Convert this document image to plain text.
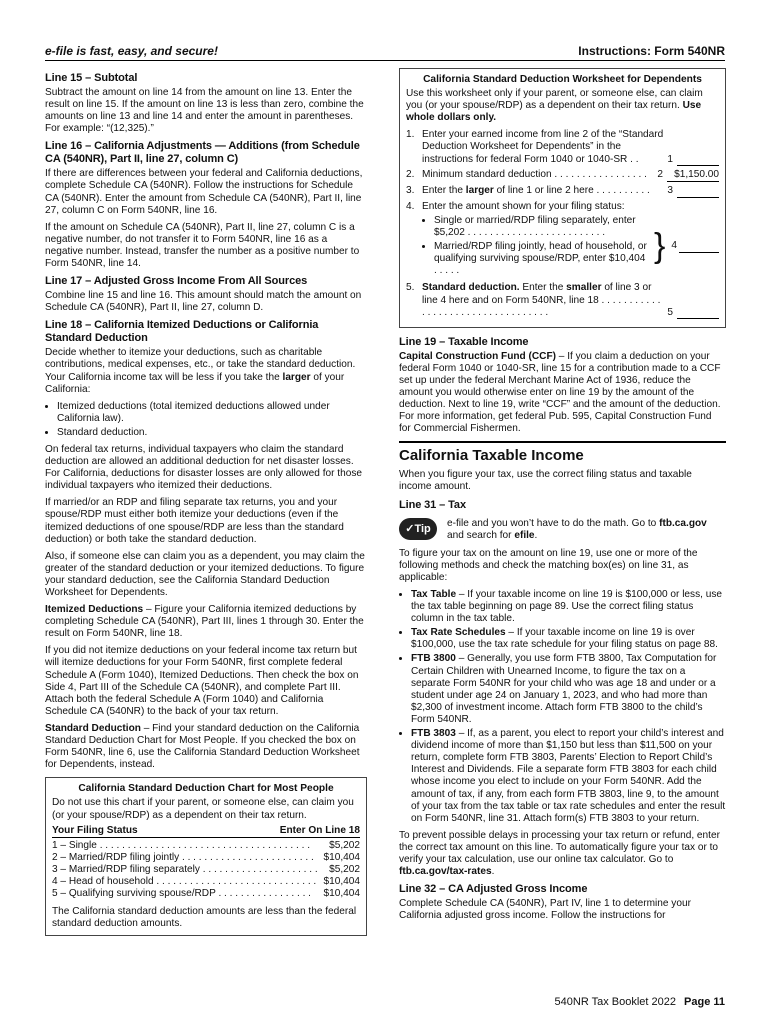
e-file is fast, easy, and secure!	Instructions: Form 540NR
Line 15 – Subtotal

Subtract the amount on line 14 from the amount on line 13. Enter the result on line 15. If the amount on line 13 is less than zero, combine the amounts on line 13 and line 14 and enter the amount in parentheses. For example: “(12,325).”

Line 16 – California Adjustments — Additions (from Schedule CA (540NR), Part II, line 27, column C)

If there are differences between your federal and California deductions, complete Schedule CA (540NR). Follow the instructions for Schedule CA (540NR). Enter the amount from Schedule CA (540NR), Part II, line 27, column C on Form 540NR, line 16.

If the amount on Schedule CA (540NR), Part II, line 27, column C is a negative number, do not transfer it to Form 540NR, line 16 as a negative number. Instead, transfer the number as a positive number to Form 540NR, line 14.

Line 17 – Adjusted Gross Income From All Sources

Combine line 15 and line 16. This amount should match the amount on Schedule CA (540NR), Part II, line 27, column D.

Line 18 – California Itemized Deductions or California Standard Deduction

Decide whether to itemize your deductions, such as charitable contributions, medical expenses, etc., or take the standard deduction. Your California income tax will be less if you take the larger of your California:

• Itemized deductions (total itemized deductions allowed under California law).
• Standard deduction.

On federal tax returns, individual taxpayers who claim the standard deduction are allowed an additional deduction for net disaster losses. For California, deductions for disaster losses are only allowed for those individual taxpayers who itemized their deductions.

If married/or an RDP and filing separate tax returns, you and your spouse/RDP must either both itemize your deductions (even if the itemized deductions of one spouse/RDP are less than the standard deduction) or both take the standard deduction.

Also, if someone else can claim you as a dependent, you may claim the greater of the standard deduction or your itemized deductions. To figure your standard deduction, see the California Standard Deduction Worksheet for Dependents.

Itemized Deductions – Figure your California itemized deductions by completing Schedule CA (540NR), Part III, lines 1 through 30. Enter the result on Form 540NR, line 18.

If you did not itemize deductions on your federal income tax return but will itemize deductions for your Form 540NR, first complete federal Schedule A (Form 1040), Itemized Deductions. Then check the box on Side 4, Part III of the Schedule CA (540NR), and complete Part III. Attach both the federal Schedule A (Form 1040) and California Schedule CA (540NR) to the back of your tax return.

Standard Deduction – Find your standard deduction on the California Standard Deduction Chart for Most People. If you checked the box on Form 540NR, line 6, use the California Standard Deduction Worksheet for Dependents, instead.

California Standard Deduction Chart for Most People
Do not use this chart if your parent, or someone else, can claim you (or your spouse/RDP) as a dependent on their tax return.
Your Filing Status	Enter On Line 18
1 – Single . . . . . . . . . . . . . . . . . . . . . . . . . . . . . . . . . . . . . .	$5,202
2 – Married/RDP filing jointly . . . . . . . . . . . . . . . . . . . . . . . . $10,404
3 – Married/RDP filing separately . . . . . . . . . . . . . . . . . . . . .	$5,202
4 – Head of household . . . . . . . . . . . . . . . . . . . . . . . . . . . . . $10,404
5 – Qualifying surviving spouse/RDP . . . . . . . . . . . . . . . . .	$10,404
The California standard deduction amounts are less than the federal standard deduction amounts.
California Standard Deduction Worksheet for Dependents

Use this worksheet only if your parent, or someone else, can claim you (or your spouse/RDP) as a dependent on their tax return. Use whole dollars only.

1. Enter your earned income from line 2 of the “Standard Deduction Worksheet for Dependents” in the instructions for federal Form 1040 or 1040-SR . .	1

2. Minimum standard deduction . . . . . . . . . . . . . . . . .	2	$1,150.00
3. Enter the larger of line 1 or line 2 here . . . . . . . . . .	3

4. Enter the amount shown for your filing status:
• Single or married/RDP filing separately, enter $5,202 . . . . . . . . . . . . . . . . . . . . . . . . .
• Married/RDP filing jointly, head of household, or qualifying surviving spouse/RDP, enter $10,404 . . . . .
} 4

5. Standard deduction. Enter the smaller of line 3 or line 4 here and on Form 540NR, line 18 . . . . . . . . . . . . . . . . . . . . . . . . . . . . . . . . . .	5

Line 19 – Taxable Income

Capital Construction Fund (CCF) – If you claim a deduction on your federal Form 1040 or 1040-SR, line 15 for a contribution made to a CCF set up under the federal Merchant Marine Act of 1936, reduce the amount you would otherwise enter on line 19 by the amount of the deduction. Next to line 19, write “CCF” and the amount of the deduction. For more information, get federal Pub. 595, Capital Construction Fund for Commercial Fishermen.

California Taxable Income

When you figure your tax, use the correct filing status and taxable income amount.

Line 31 – Tax
✓Tip	e-file and you won’t have to do the math. Go to ftb.ca.gov and search for efile.

To figure your tax on the amount on line 19, use one or more of the following methods and check the matching box(es) on line 31, as applicable:

• Tax Table – If your taxable income on line 19 is $100,000 or less, use the tax table beginning on page 89. Use the correct filing status column in the tax table.
• Tax Rate Schedules – If your taxable income on line 19 is over $100,000, use the tax rate schedule for your filing status on page 88.
• FTB 3800 – Generally, you use form FTB 3800, Tax Computation for Certain Children with Unearned Income, to figure the tax on a separate Form 540NR for your child who was age 18 and under or a student under age 24 on January 1, 2023, and who had more than $2,300 of investment income. Attach form FTB 3800 to the child’s Form 540NR.
• FTB 3803 – If, as a parent, you elect to report your child’s interest and dividend income of more than $1,150 but less than $11,500 on your return, complete form FTB 3803, Parents’ Election to Report Child’s Interest and Dividends. File a separate form FTB 3803 for each child whose income you elect to include on your Form 540NR. Add the amount of tax, if any, from each form FTB 3803, line 9, to the amount of your tax from the tax table or tax rate schedules and enter the result on Form 540NR, line 31. Attach form(s) FTB 3803 to your return.

To prevent possible delays in processing your tax return or refund, enter the correct tax amount on this line. To automatically figure your tax or to verify your tax calculation, use our online tax calculator. Go to ftb.ca.gov/tax-rates.

Line 32 – CA Adjusted Gross Income

Complete Schedule CA (540NR), Part IV, line 1 to determine your California adjusted gross income. Follow the instructions for

540NR Tax Booklet 2022 Page 11
